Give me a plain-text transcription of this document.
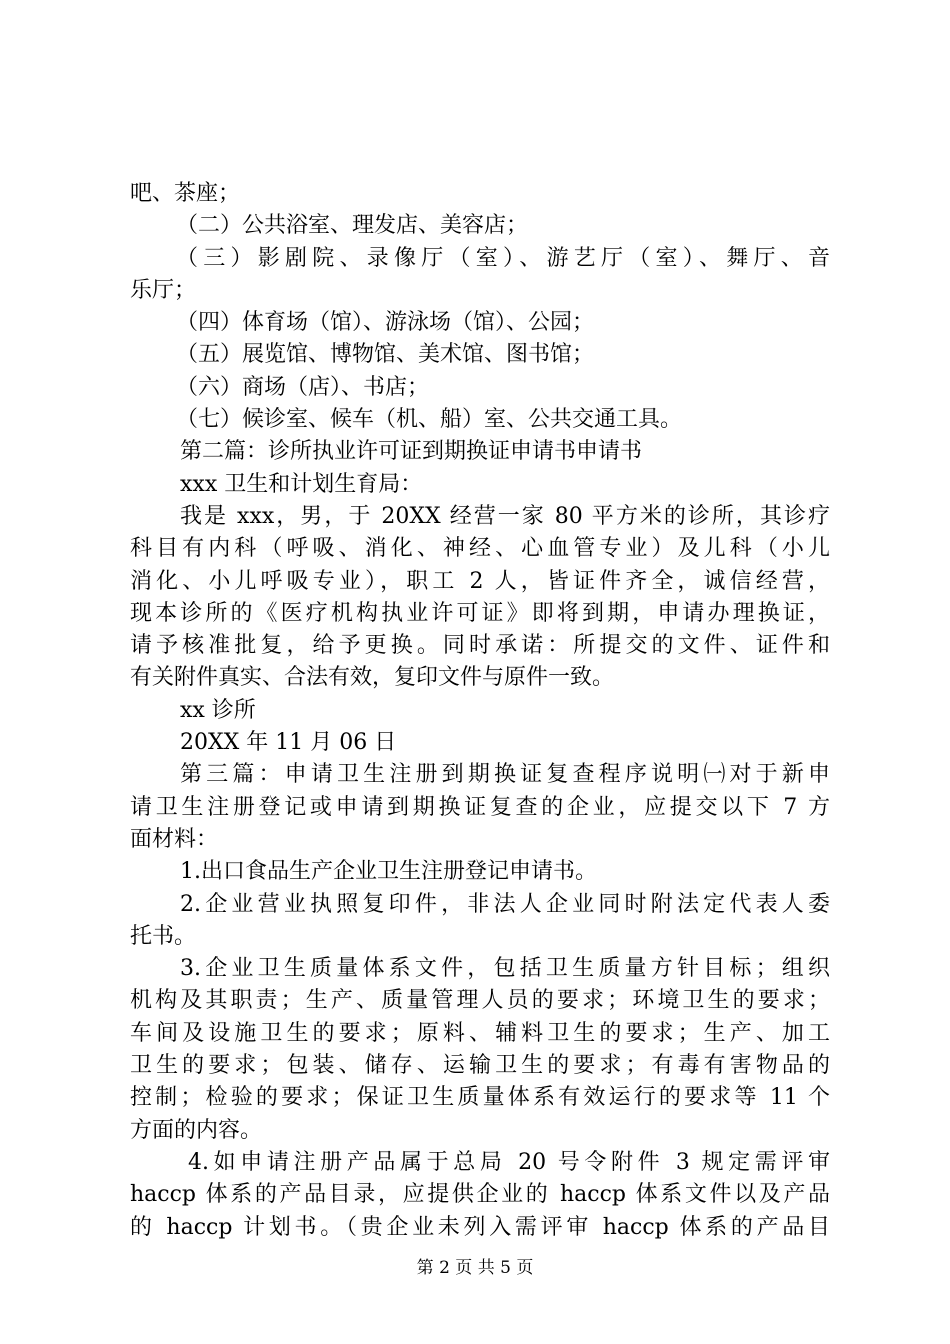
吧、茶座；
（二）公共浴室、理发店、美容店；
（三）影剧院、录像厅（室）、游艺厅（室）、舞厅、音
乐厅；
（四）体育场（馆）、游泳场（馆）、公园；
（五）展览馆、博物馆、美术馆、图书馆；
（六）商场（店）、书店；
（七）候诊室、候车（机、船）室、公共交通工具。
第二篇：诊所执业许可证到期换证申请书申请书
xxx 卫生和计划生育局：
我是 xxx，男，于 20XX 经营一家 80 平方米的诊所，其诊疗
科目有内科（呼吸、消化、神经、心血管专业）及儿科（小儿
消化、小儿呼吸专业），职工 2 人，皆证件齐全，诚信经营，
现本诊所的《医疗机构执业许可证》即将到期，申请办理换证，
请予核准批复，给予更换。同时承诺：所提交的文件、证件和
有关附件真实、合法有效，复印文件与原件一致。
xx 诊所
20XX 年 11 月 06 日
第三篇：申请卫生注册到期换证复查程序说明㈠对于新申
请卫生注册登记或申请到期换证复查的企业，应提交以下 7 方
面材料：
1.出口食品生产企业卫生注册登记申请书。
2.企业营业执照复印件，非法人企业同时附法定代表人委
托书。
3.企业卫生质量体系文件，包括卫生质量方针目标；组织
机构及其职责；生产、质量管理人员的要求；环境卫生的要求；
车间及设施卫生的要求；原料、辅料卫生的要求；生产、加工
卫生的要求；包装、储存、运输卫生的要求；有毒有害物品的
控制；检验的要求；保证卫生质量体系有效运行的要求等 11 个
方面的内容。
4.如申请注册产品属于总局 20 号令附件 3 规定需评审
haccp 体系的产品目录，应提供企业的 haccp 体系文件以及产品
的 haccp 计划书。（贵企业未列入需评审 haccp 体系的产品目
第 2 页 共 5 页
